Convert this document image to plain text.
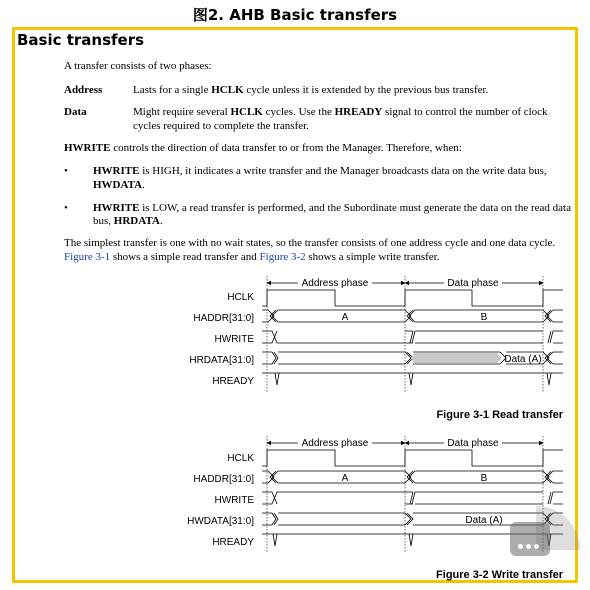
图2. AHB Basic transfers
Basic transfers
A transfer consists of two phases:
Address	Lasts for a single HCLK cycle unless it is extended by the previous bus transfer.
Data	Might require several HCLK cycles. Use the HREADY signal to control the number of clock
cycles required to complete the transfer.
HWRITE controls the direction of data transfer to or from the Manager. Therefore, when:
• HWRITE is HIGH, it indicates a write transfer and the Manager broadcasts data on the write data bus,
HWDATA.
• HWRITE is LOW, a read transfer is performed, and the Subordinate must generate the data on the read data
bus, HRDATA.
The simplest transfer is one with no wait states, so the transfer consists of one address cycle and one data cycle.
Figure 3-1 shows a simple read transfer and Figure 3-2 shows a simple write transfer.
Address phase	Data phase
HCLK
HADDR[31:0]
HWRITE
HRDATA[31:0]
HREADY
A	B
Data (A)
Figure 3-1 Read transfer
Address phase	Data phase
HCLK
HADDR[31:0]
HWRITE
HWDATA[31:0]
HREADY
A	B
Data (A)
Figure 3-2 Write transfer
